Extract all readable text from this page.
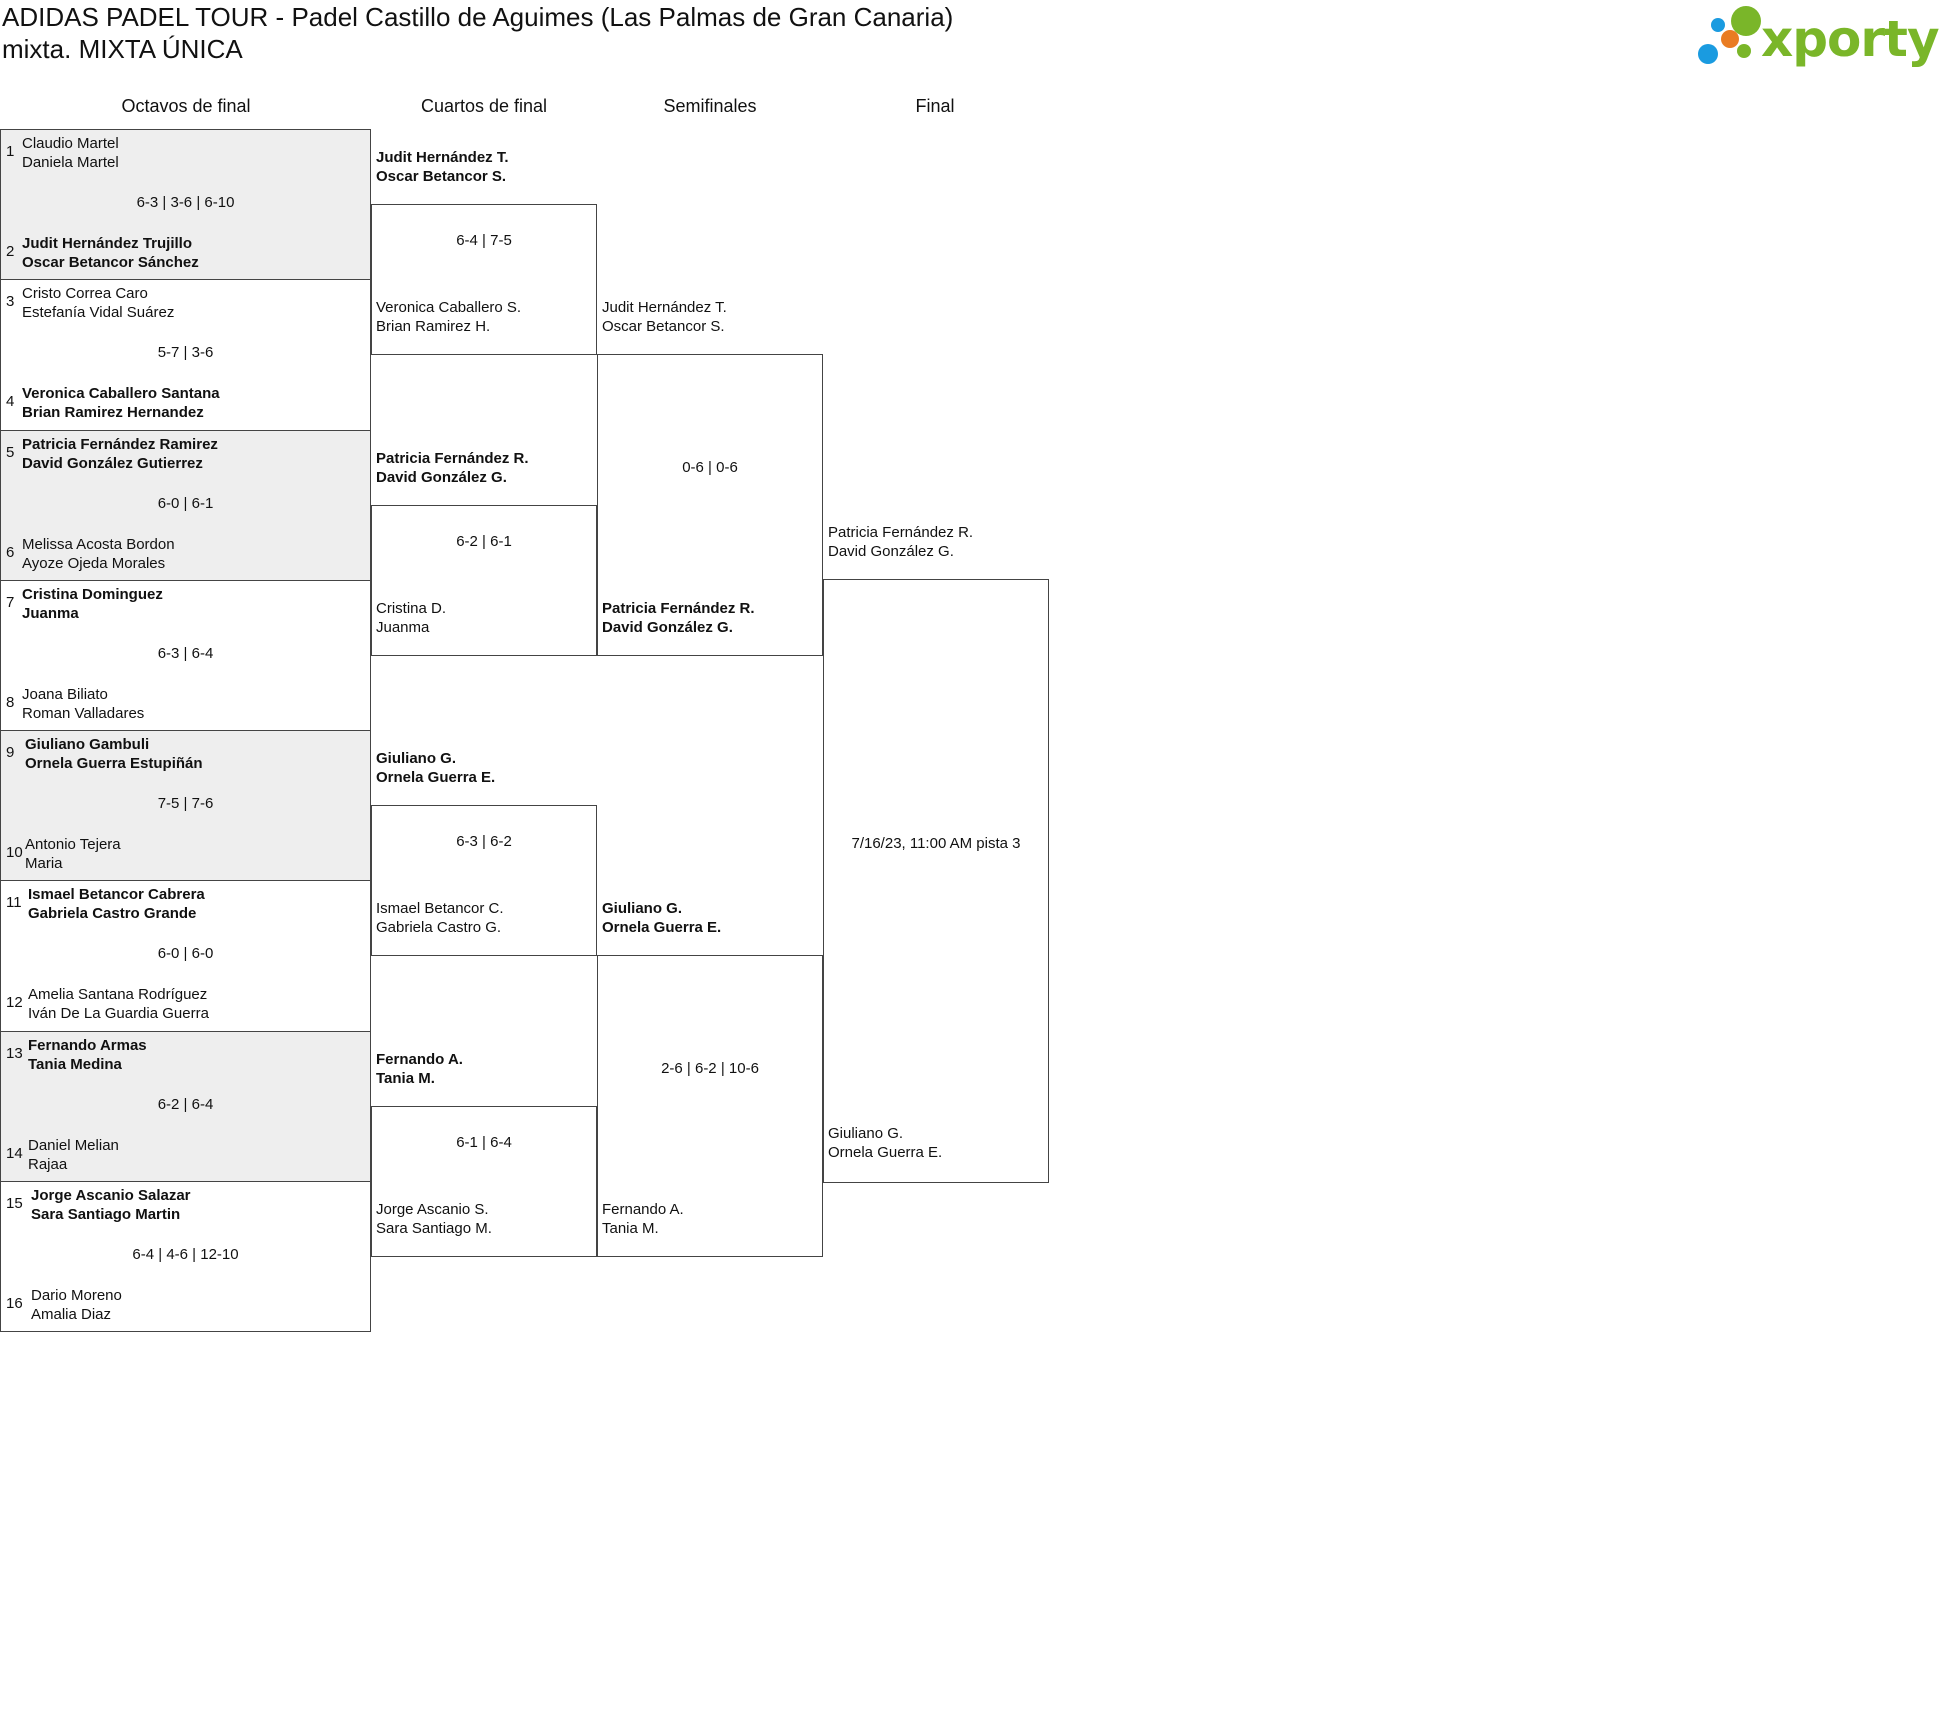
ADIDAS PADEL TOUR - Padel Castillo de Aguimes (Las Palmas de Gran Canaria)
mixta. MIXTA ÚNICA	xporty
Octavos de final	Cuartos de final	Semifinales	Final
1
2
Claudio Martel
Daniela Martel
Judit Hernández Trujillo
Oscar Betancor Sánchez
6-3 | 3-6 | 6-10
3
4
Cristo Correa Caro
Estefanía Vidal Suárez
Veronica Caballero Santana
Brian Ramirez Hernandez
5-7 | 3-6
5
6
Patricia Fernández Ramirez
David González Gutierrez
Melissa Acosta Bordon
Ayoze Ojeda Morales
6-0 | 6-1
7
8
Cristina Dominguez
Juanma
Joana Biliato
Roman Valladares
6-3 | 6-4
9
10
Giuliano Gambuli
Ornela Guerra Estupiñán
Antonio Tejera
Maria
7-5 | 7-6
11
12
Ismael Betancor Cabrera
Gabriela Castro Grande
Amelia Santana Rodríguez
Iván De La Guardia Guerra
6-0 | 6-0
13
14
Fernando Armas
Tania Medina
Daniel Melian
Rajaa
6-2 | 6-4
15
16
Jorge Ascanio Salazar
Sara Santiago Martin
Dario Moreno
Amalia Diaz
6-4 | 4-6 | 12-10
Judit Hernández T.
Oscar Betancor S.
Veronica Caballero S.
Brian Ramirez H.
6-4 | 7-5
Patricia Fernández R.
David González G.
Cristina D.
Juanma
6-2 | 6-1
Giuliano G.
Ornela Guerra E.
Ismael Betancor C.
Gabriela Castro G.
6-3 | 6-2
Fernando A.
Tania M.
Jorge Ascanio S.
Sara Santiago M.
6-1 | 6-4
Judit Hernández T.
Oscar Betancor S.
Patricia Fernández R.
David González G.
0-6 | 0-6
Giuliano G.
Ornela Guerra E.
Fernando A.
Tania M.
2-6 | 6-2 | 10-6
Patricia Fernández R.
David González G.
Giuliano G.
Ornela Guerra E.
7/16/23, 11:00 AM pista 3
